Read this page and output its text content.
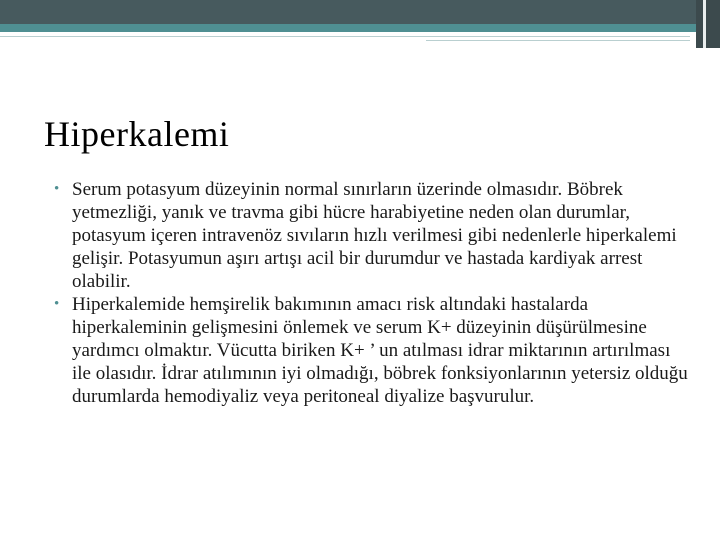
Hiperkalemi
• Serum potasyum düzeyinin normal sınırların üzerinde olmasıdır. Böbrek yetmezliği, yanık ve travma gibi hücre harabiyetine neden olan durumlar, potasyum içeren intravenöz sıvıların hızlı verilmesi gibi nedenlerle hiperkalemi gelişir. Potasyumun aşırı artışı acil bir durumdur ve hastada kardiyak arrest olabilir.
• Hiperkalemide hemşirelik bakımının amacı risk altındaki hastalarda hiperkaleminin gelişmesini önlemek ve serum K+ düzeyinin düşürülmesine yardımcı olmaktır. Vücutta biriken K+ ’ un atılması idrar miktarının artırılması ile olasıdır. İdrar atılımının iyi olmadığı, böbrek fonksiyonlarının yetersiz olduğu durumlarda hemodiyaliz veya peritoneal diyalize başvurulur.
